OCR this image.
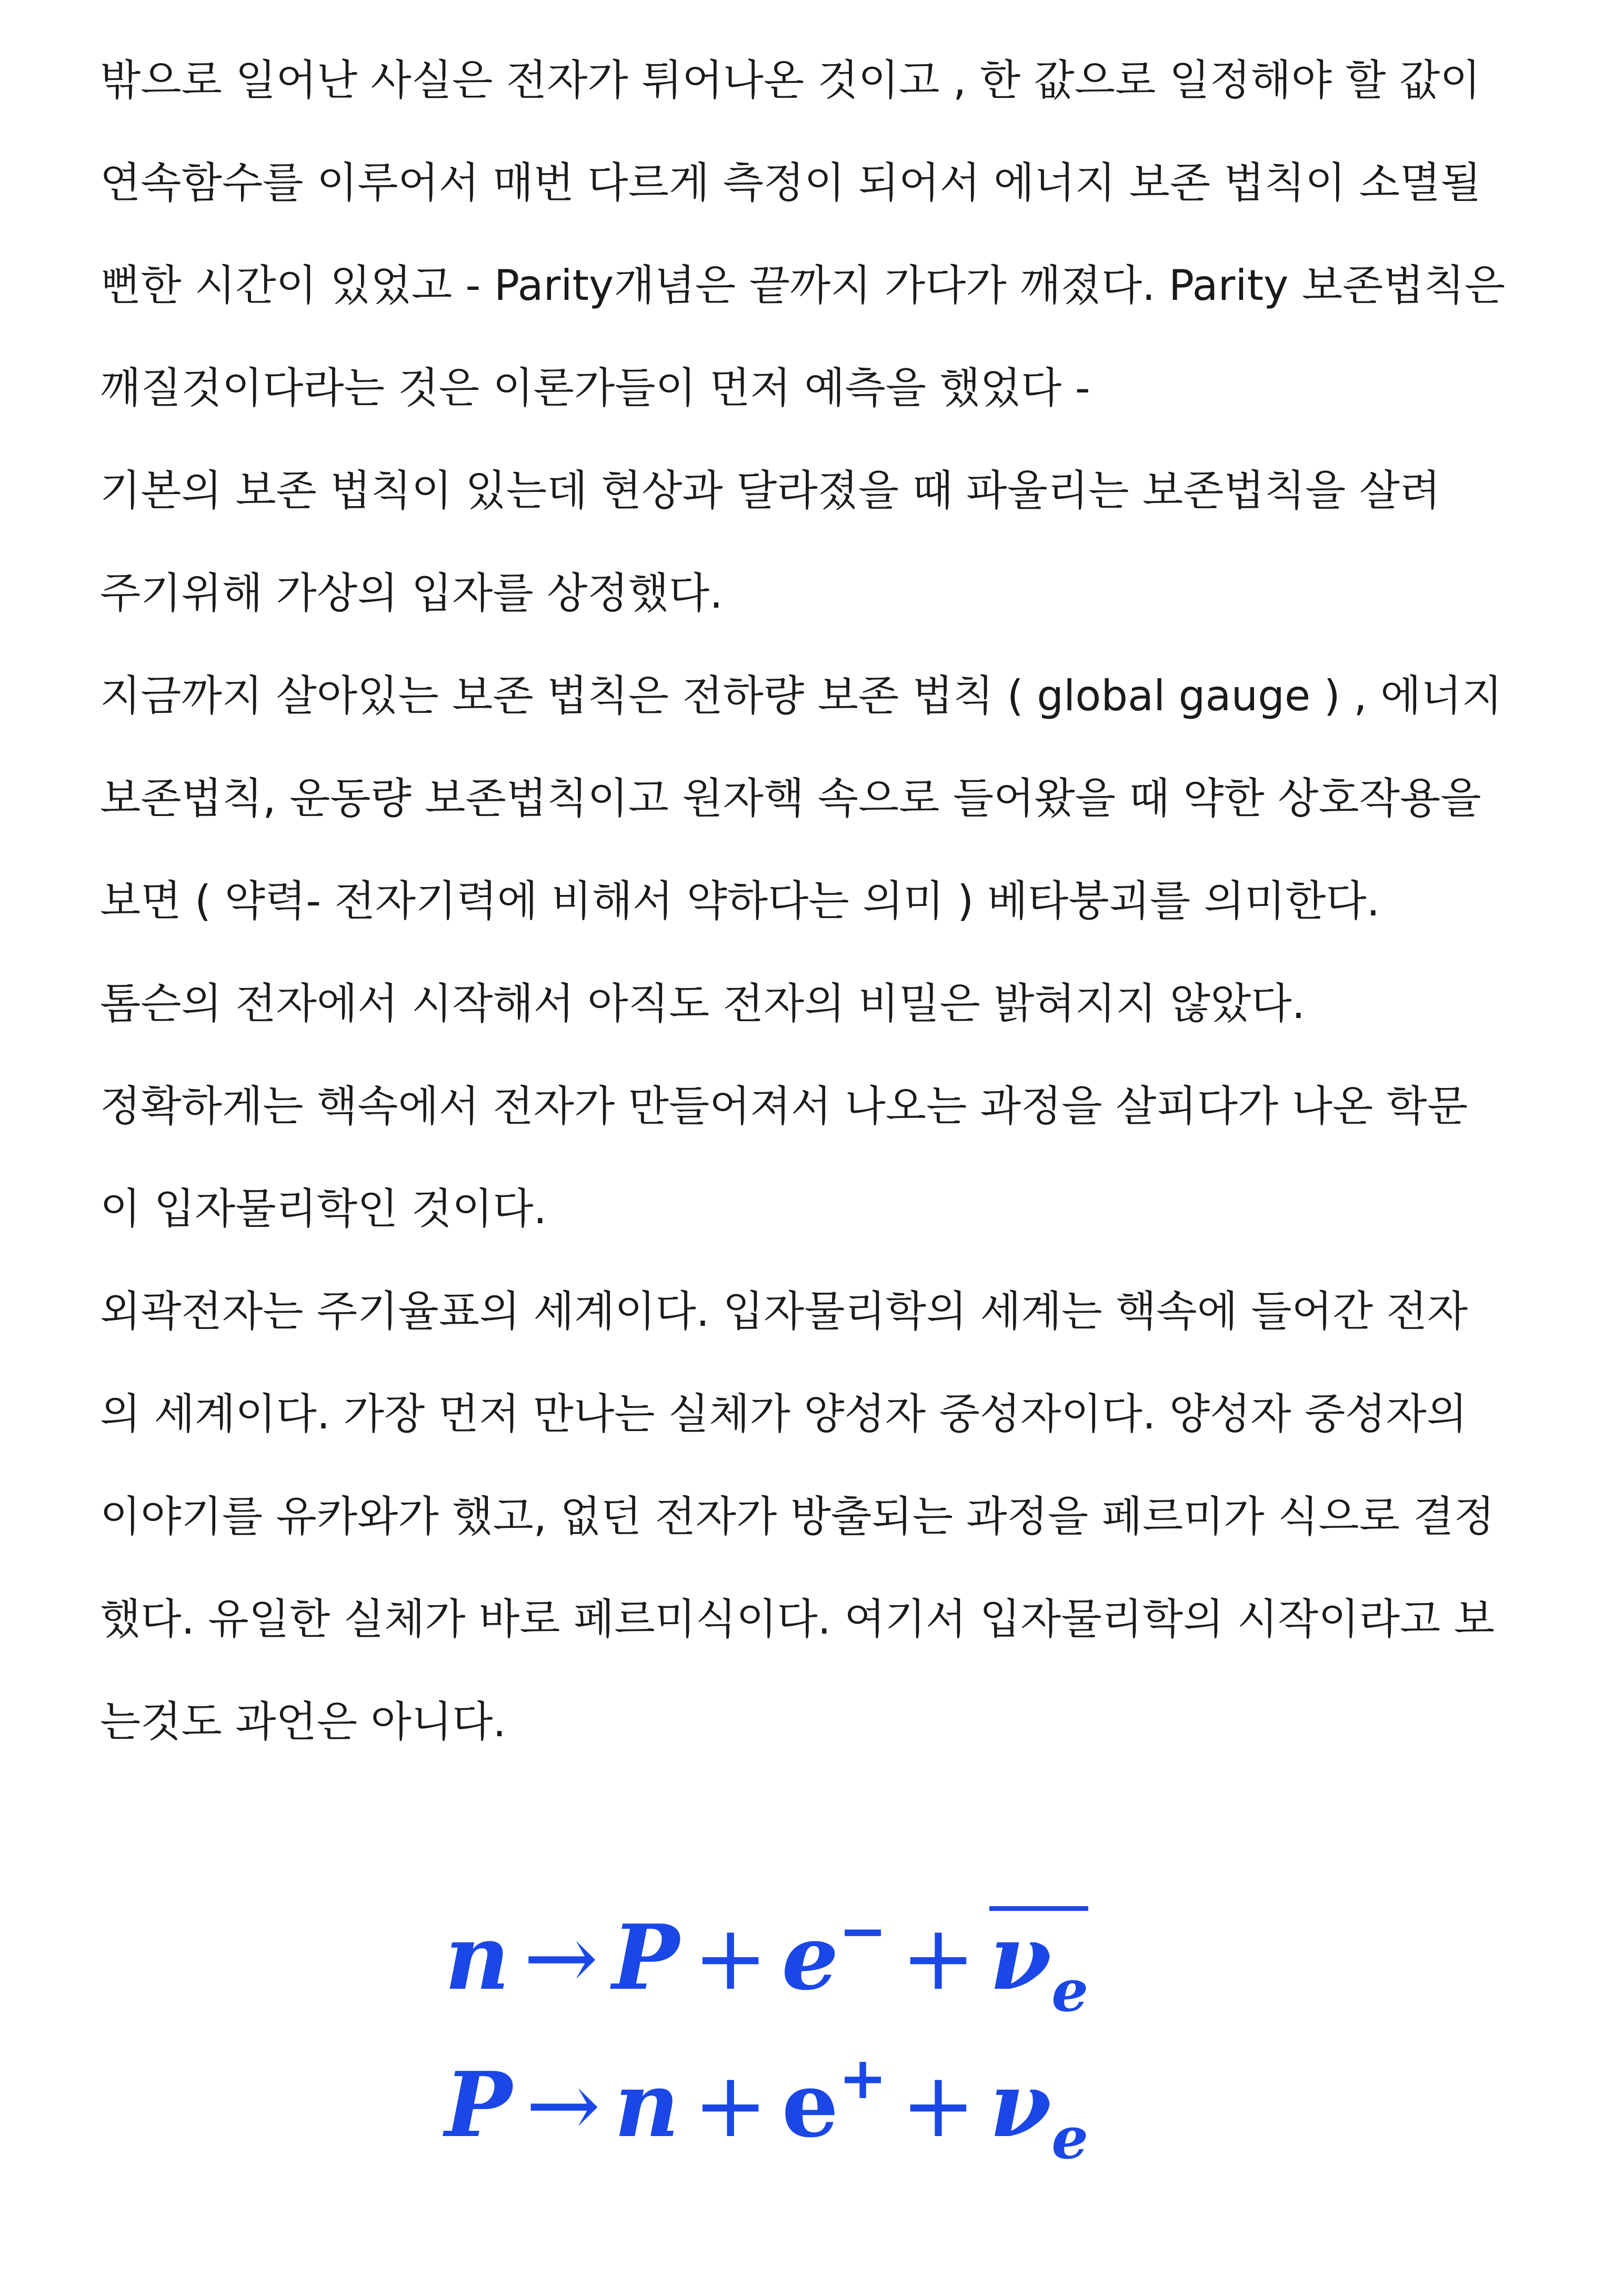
밖으로 일어난 사실은 전자가 튀어나온 것이고 , 한 값으로 일정해야 할 값이
연속함수를 이루어서 매번 다르게 측정이 되어서 에너지 보존 법칙이 소멸될
뻔한 시간이 있었고 - Parity개념은 끝까지 가다가 깨졌다. Parity 보존법칙은
깨질것이다라는 것은 이론가들이 먼저 예측을 했었다 -
기본의 보존 법칙이 있는데 현상과 달라졌을 때 파울리는 보존법칙을 살려
주기위해 가상의 입자를 상정했다.
지금까지 살아있는 보존 법칙은 전하량 보존 법칙 ( global gauge ) , 에너지
보존법칙, 운동량 보존법칙이고 원자핵 속으로 들어왔을 때 약한 상호작용을
보면 ( 약력- 전자기력에 비해서 약하다는 의미 ) 베타붕괴를 의미한다.
톰슨의 전자에서 시작해서 아직도 전자의 비밀은 밝혀지지 않았다.
정확하게는 핵속에서 전자가 만들어져서 나오는 과정을 살피다가 나온 학문
이 입자물리학인 것이다.
외곽전자는 주기율표의 세계이다. 입자물리학의 세계는 핵속에 들어간 전자
의 세계이다. 가장 먼저 만나는 실체가 양성자 중성자이다. 양성자 중성자의
이야기를 유카와가 했고, 없던 전자가 방출되는 과정을 페르미가 식으로 결정
했다. 유일한 실체가 바로 페르미식이다. 여기서 입자물리학의 시작이라고 보
는것도 과언은 아니다.
$n \to P + e^- + \nu_e$
$P \to n + e^+ + \nu_e$
